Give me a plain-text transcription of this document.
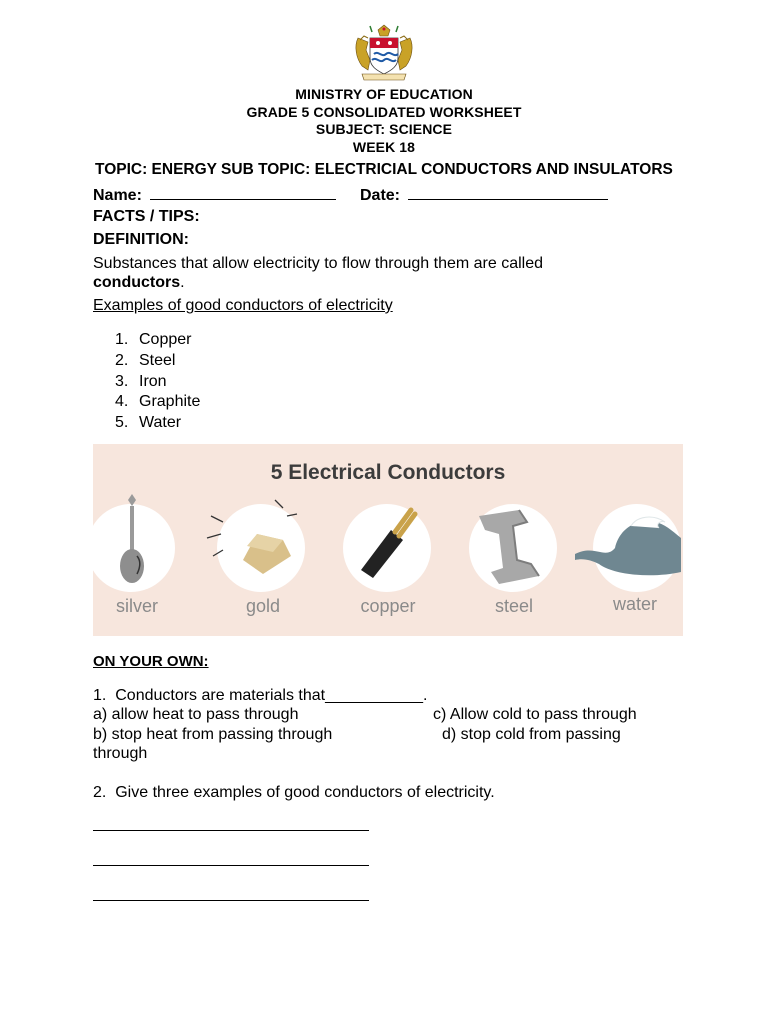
MINISTRY OF EDUCATION
GRADE 5 CONSOLIDATED WORKSHEET
SUBJECT: SCIENCE
WEEK 18
TOPIC: ENERGY SUB TOPIC: ELECTRICIAL CONDUCTORS AND INSULATORS
Name:	Date:
FACTS / TIPS:
DEFINITION:
Substances that allow electricity to flow through them are called
conductors.
Examples of good conductors of electricity
1. Copper
2. Steel
3. Iron
4. Graphite
5. Water
5 Electrical Conductors
silver	gold	copper	steel	water
ON YOUR OWN:
1. Conductors are materials that___________.
a) allow heat to pass through	c) Allow cold to pass through
b) stop heat from passing through	d) stop cold from passing
through
2. Give three examples of good conductors of electricity.
